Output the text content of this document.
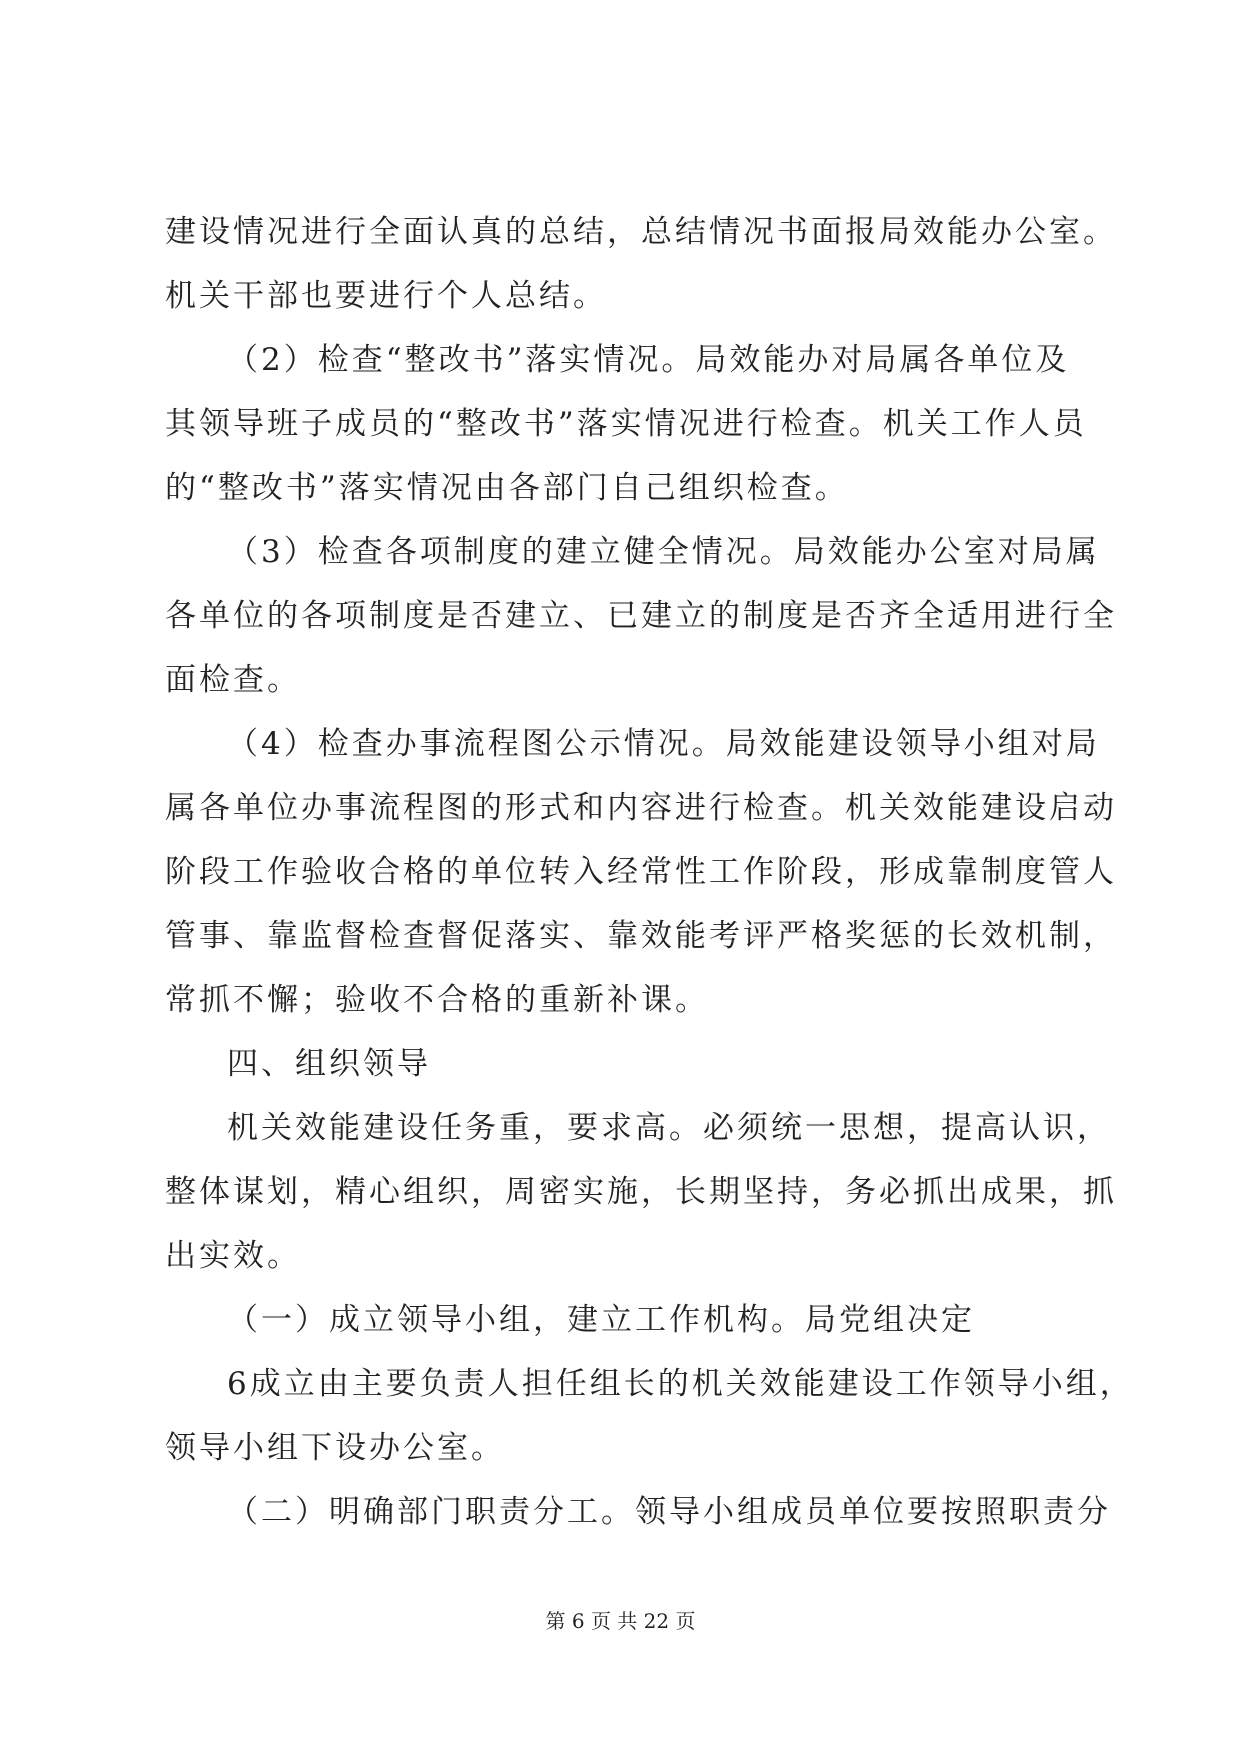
建设情况进行全面认真的总结，总结情况书面报局效能办公室。
机关干部也要进行个人总结。
（2）检查“整改书”落实情况。局效能办对局属各单位及
其领导班子成员的“整改书”落实情况进行检查。机关工作人员
的“整改书”落实情况由各部门自己组织检查。
（3）检查各项制度的建立健全情况。局效能办公室对局属
各单位的各项制度是否建立、已建立的制度是否齐全适用进行全
面检查。
（4）检查办事流程图公示情况。局效能建设领导小组对局
属各单位办事流程图的形式和内容进行检查。机关效能建设启动
阶段工作验收合格的单位转入经常性工作阶段，形成靠制度管人
管事、靠监督检查督促落实、靠效能考评严格奖惩的长效机制，
常抓不懈；验收不合格的重新补课。
四、组织领导
机关效能建设任务重，要求高。必须统一思想，提高认识，
整体谋划，精心组织，周密实施，长期坚持，务必抓出成果，抓
出实效。
（一）成立领导小组，建立工作机构。局党组决定
6成立由主要负责人担任组长的机关效能建设工作领导小组，
领导小组下设办公室。
（二）明确部门职责分工。领导小组成员单位要按照职责分
第 6 页 共 22 页
